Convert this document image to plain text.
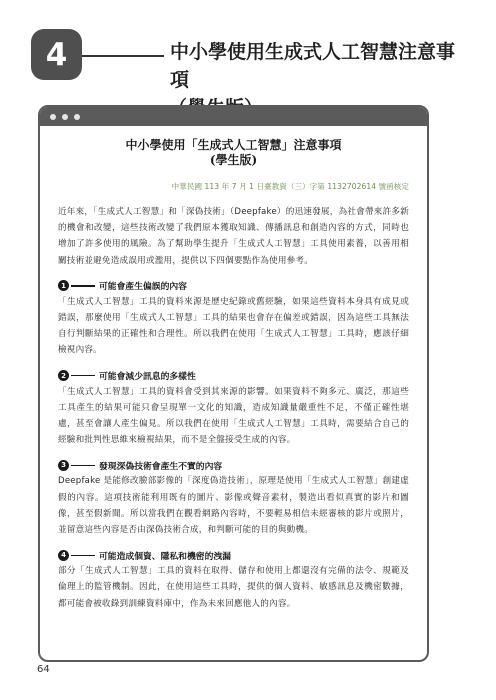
4	中小學使用生成式人工智慧注意事項
中小學使用「生成式人工智慧」注意事項
(學生版)
中華民國 113 年 7 月 1 日臺教資（三）字第 1132702614 號函核定

近年來，「生成式人工智慧」和「深偽技術」（Deepfake）的迅速發展，為社會帶來許多新的機會和改變，這些技術改變了我們原本獲取知識、傳播訊息和創造內容的方式，同時也增加了許多使用的風險。為了幫助學生提升「生成式人工智慧」工具使用素養，以善用相關技術並避免造成誤用或濫用，提供以下四個要點作為使用參考。

1	可能會產生偏誤的內容

「生成式人工智慧」工具的資料來源是歷史紀錄或舊經驗，如果這些資料本身具有成見或錯誤，那麼使用「生成式人工智慧」工具的結果也會存在偏差或錯誤，因為這些工具無法自行判斷結果的正確性和合理性。所以我們在使用「生成式人工智慧」工具時，應該仔細檢視內容。

2	可能會減少訊息的多樣性

「生成式人工智慧」工具的資料會受到其來源的影響。如果資料不夠多元、廣泛，那這些工具產生的結果可能只會呈現單一文化的知識，造成知識量嚴重性不足，不僅正確性堪慮，甚至會讓人產生偏見。所以我們在使用「生成式人工智慧」工具時，需要結合自己的經驗和批判性思維來檢視結果，而不是全盤接受生成的內容。

3	發現深偽技術會產生不實的內容

Deepfake 是能修改臉部影像的「深度偽造技術」，原理是使用「生成式人工智慧」創建虛假的內容。這項技術能利用既有的圖片、影像或聲音素材，製造出看似真實的影片和圖像，甚至假新聞。所以當我們在觀看網路內容時，不要輕易相信未經審核的影片或照片，並留意這些內容是否由深偽技術合成，和判斷可能的目的與動機。

4	可能造成個資、隱私和機密的洩漏

部分「生成式人工智慧」工具的資料在取得、儲存和使用上都還沒有完備的法令、規範及倫理上的監管機制。因此，在使用這些工具時，提供的個人資料、敏感訊息及機密數據，都可能會被收錄到訓練資料庫中，作為未來回應他人的內容。

64
